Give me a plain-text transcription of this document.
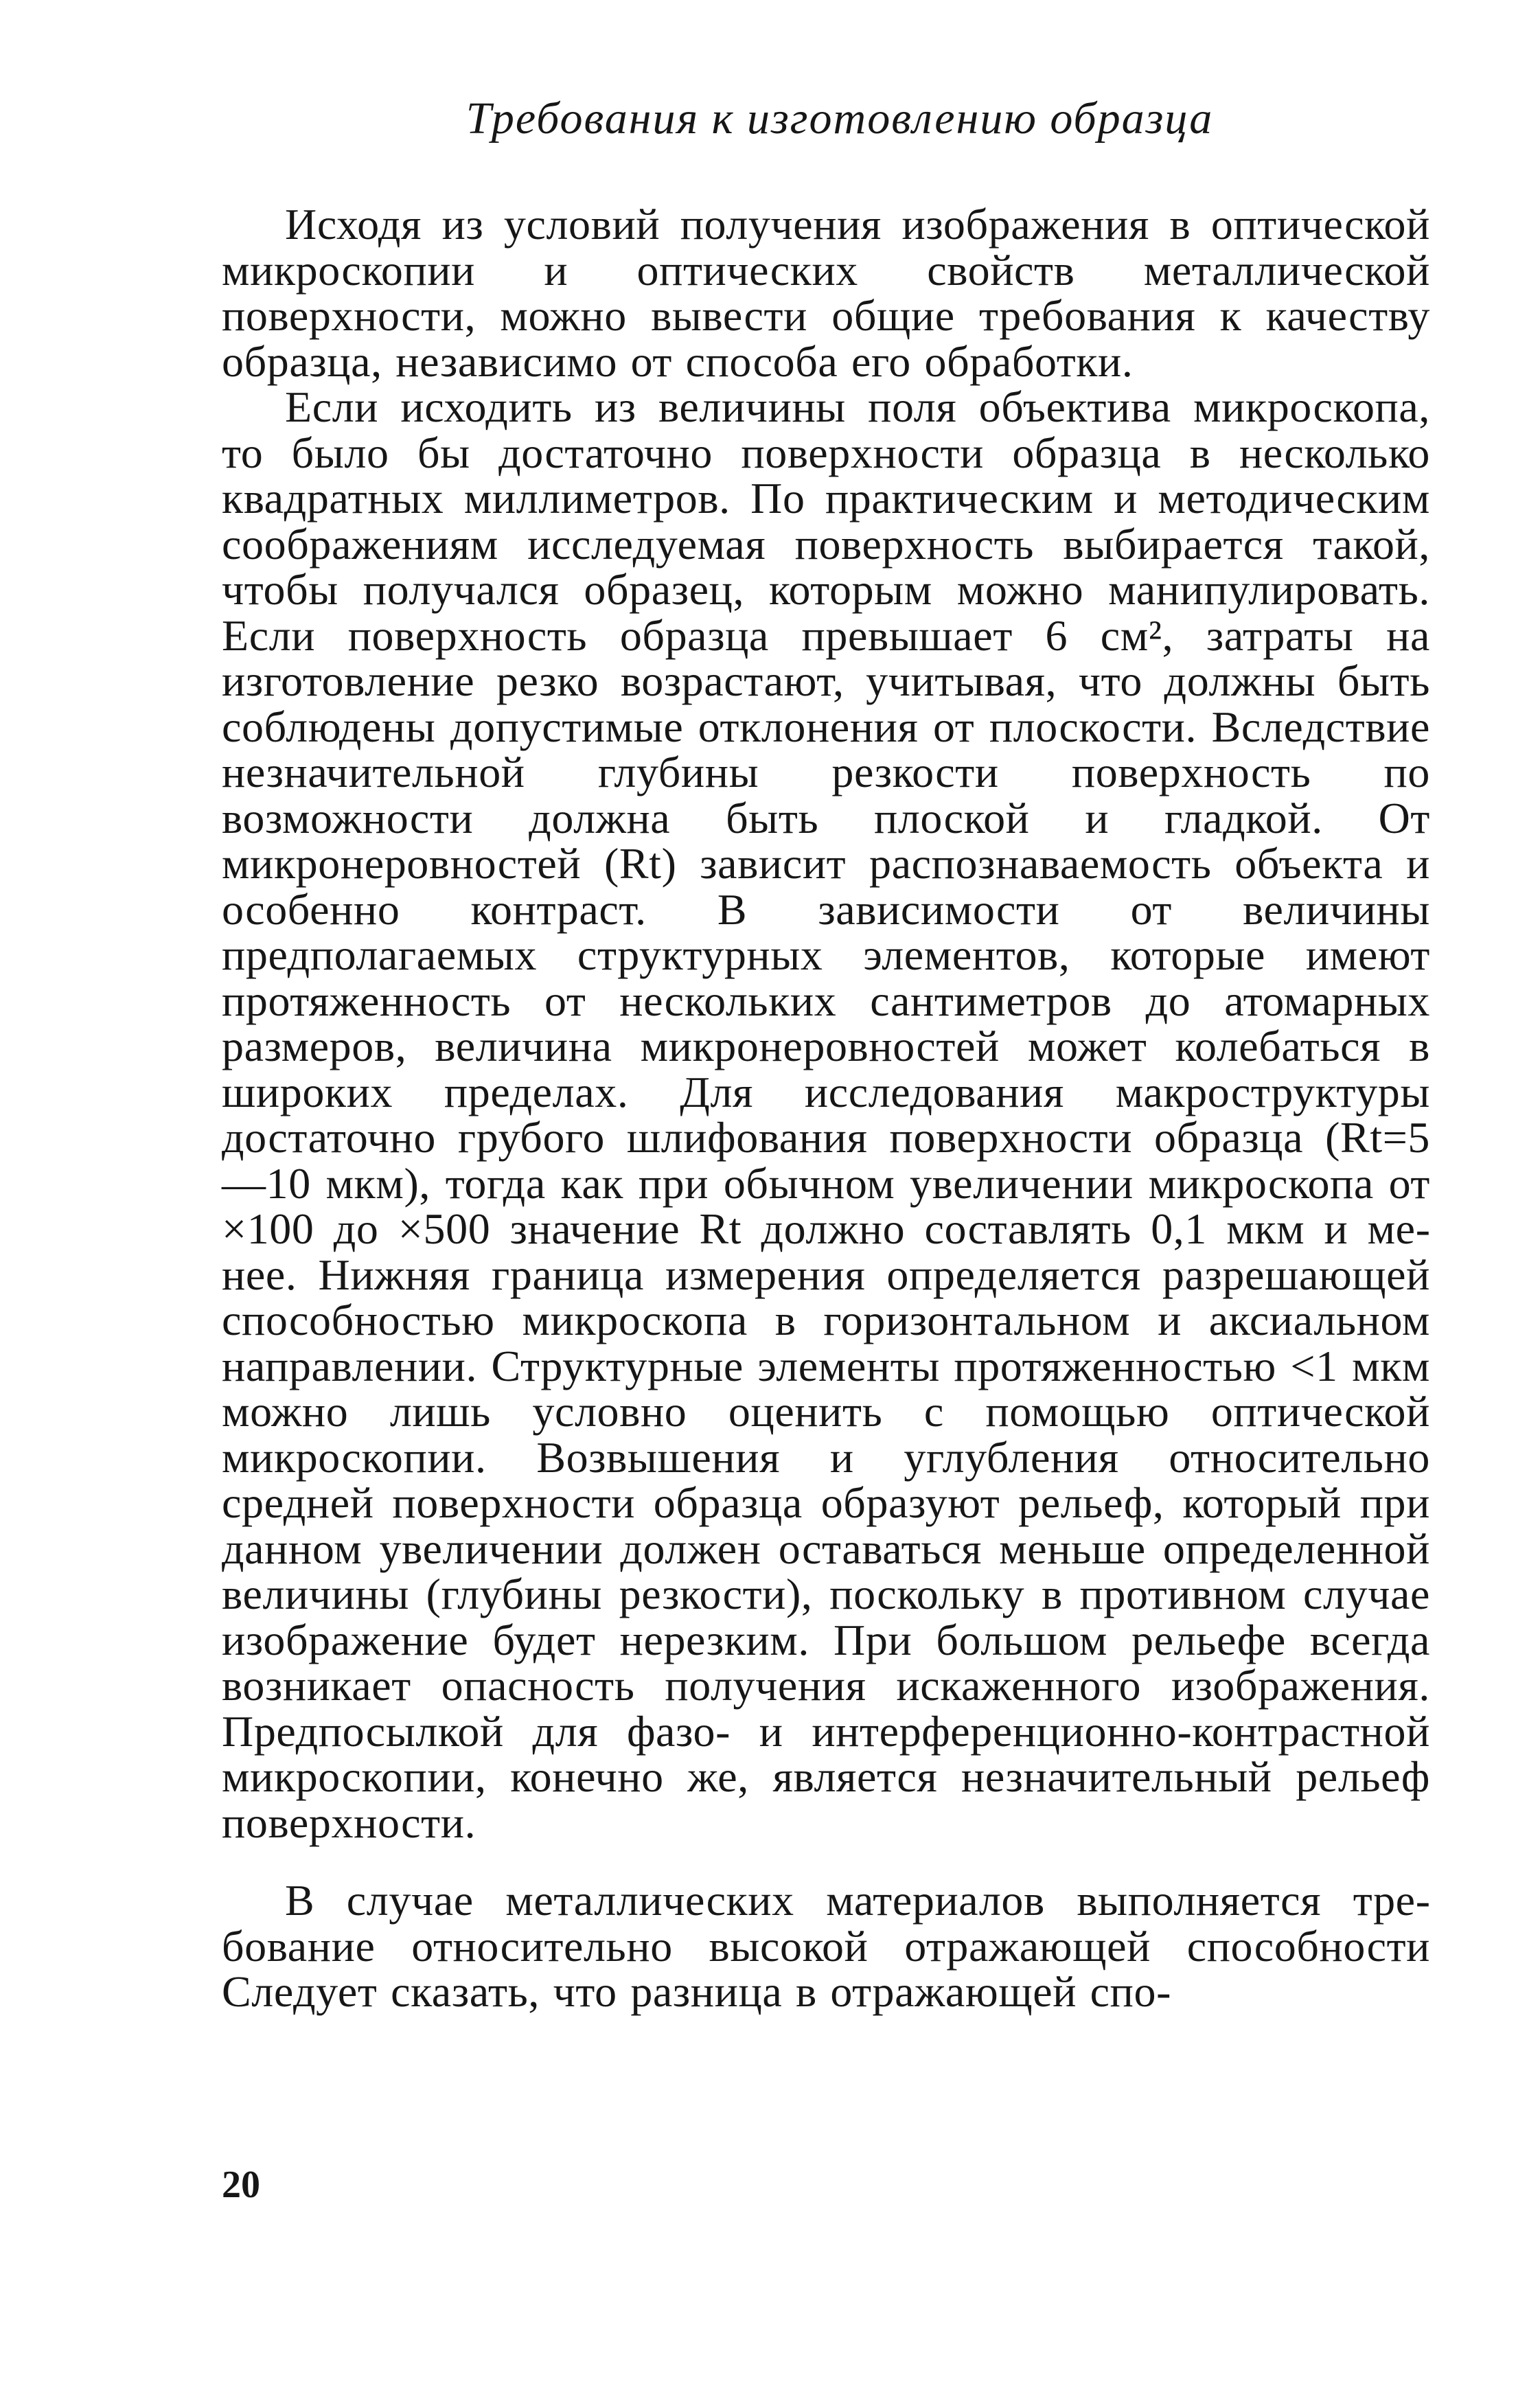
Требования к изготовлению образца

Исходя из условий получения изображения в оптической микроскопии и оптических свойств металлической поверхности, можно вывести общие требования к качеству образца, независимо от способа его обработки.

Если исходить из величины поля объектива микроскопа, то было бы достаточно поверхности образца в несколько квадратных миллиметров. По практическим и методическим соображениям исследуемая поверхность выбирается такой, чтобы получался образец, которым можно манипулировать. Если поверхность образца превышает 6 см², затраты на изготовление резко возрастают, учитывая, что должны быть соблюдены допустимые отклонения от плоскости. Вследствие незначительной глубины резкости поверхность по возможности должна быть плоской и гладкой. От микронеровностей (Rt) зависит распознаваемость объекта и особенно контраст. В зависимости от величины предполагаемых структурных элементов, которые имеют протяженность от нескольких сантиметров до атомарных размеров, величина микронеровностей может колебаться в широких пределах. Для исследования макроструктуры достаточно грубого шлифования поверхности образца (Rt=5—10 мкм), тогда как при обычном увеличении микроскопа от ×100 до ×500 значение Rt должно составлять 0,1 мкм и менее. Нижняя граница измерения определяется разрешающей способностью микроскопа в горизонтальном и аксиальном направлении. Структурные элементы протяженностью <1 мкм можно лишь условно оценить с помощью оптической микроскопии. Возвышения и углубления относительно средней поверхности образца образуют рельеф, который при данном увеличении должен оставаться меньше определенной величины (глубины резкости), поскольку в противном случае изображение будет нерезким. При большом рельефе всегда возникает опасность получения искаженного изображения. Предпосылкой для фазо- и интерференционно-контрастной микроскопии, конечно же, является незначительный рельеф поверхности.

В случае металлических материалов выполняется требование относительно высокой отражающей способности Следует сказать, что разница в отражающей спо-

20
